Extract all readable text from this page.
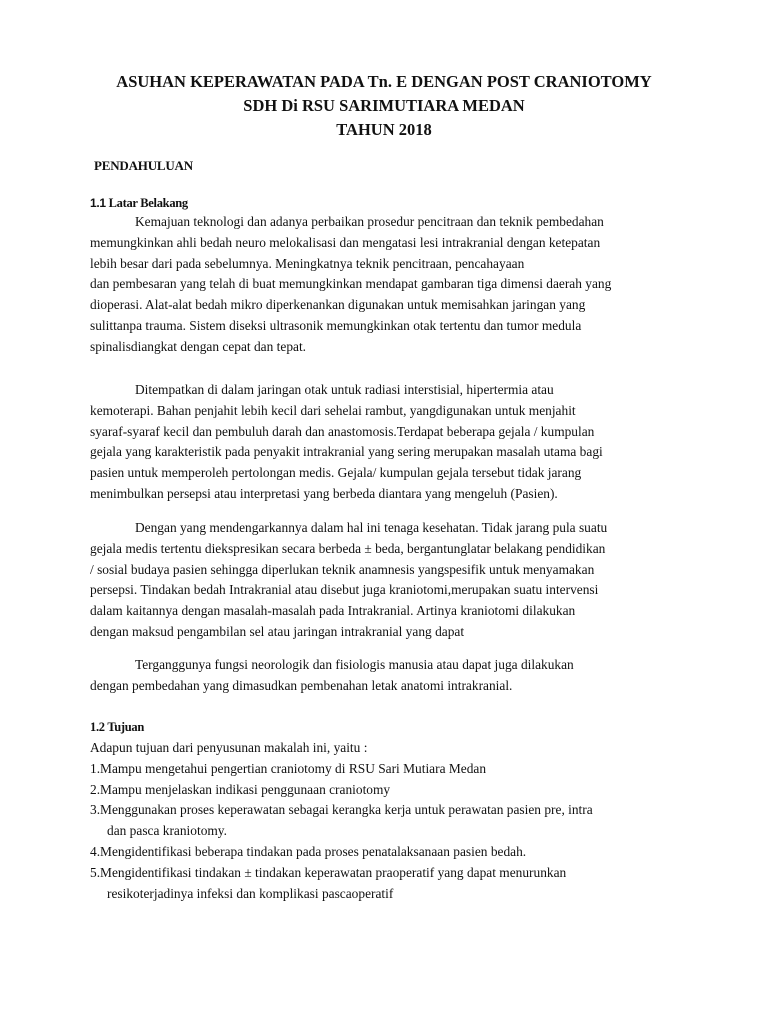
ASUHAN KEPERAWATAN PADA Tn. E DENGAN POST CRANIOTOMY
SDH Di RSU SARIMUTIARA MEDAN
TAHUN 2018
PENDAHULUAN
1.1 Latar Belakang
Kemajuan teknologi dan adanya perbaikan prosedur pencitraan dan teknik pembedahan
memungkinkan ahli bedah neuro melokalisasi dan mengatasi lesi intrakranial dengan ketepatan
lebih besar dari pada sebelumnya. Meningkatnya teknik pencitraan, pencahayaan
dan pembesaran yang telah di buat memungkinkan mendapat gambaran tiga dimensi daerah yang
dioperasi. Alat-alat bedah mikro diperkenankan digunakan untuk memisahkan jaringan yang
sulittanpa trauma. Sistem diseksi ultrasonik memungkinkan otak tertentu dan tumor medula
spinalisdiangkat dengan cepat dan tepat.
Ditempatkan di dalam jaringan otak untuk radiasi interstisial, hipertermia atau
kemoterapi. Bahan penjahit lebih kecil dari sehelai rambut, yangdigunakan untuk menjahit
syaraf-syaraf kecil dan pembuluh darah dan anastomosis.Terdapat beberapa gejala / kumpulan
gejala yang karakteristik pada penyakit intrakranial yang sering merupakan masalah utama bagi
pasien untuk memperoleh pertolongan medis. Gejala/ kumpulan gejala tersebut tidak jarang
menimbulkan persepsi atau interpretasi yang berbeda diantara yang mengeluh (Pasien).
Dengan yang mendengarkannya dalam hal ini tenaga kesehatan. Tidak jarang pula suatu
gejala medis tertentu diekspresikan secara berbeda ± beda, bergantunglatar belakang pendidikan
/ sosial budaya pasien sehingga diperlukan teknik anamnesis yangspesifik untuk menyamakan
persepsi. Tindakan bedah Intrakranial atau disebut juga kraniotomi,merupakan suatu intervensi
dalam kaitannya dengan masalah-masalah pada Intrakranial. Artinya kraniotomi dilakukan
dengan maksud pengambilan sel atau jaringan intrakranial yang dapat
Terganggunya fungsi neorologik dan fisiologis manusia atau dapat juga dilakukan
dengan pembedahan yang dimasudkan pembenahan letak anatomi intrakranial.
1.2 Tujuan
Adapun tujuan dari penyusunan makalah ini, yaitu :
1.Mampu mengetahui pengertian craniotomy di RSU Sari Mutiara Medan
2.Mampu menjelaskan indikasi penggunaan craniotomy
3.Menggunakan proses keperawatan sebagai kerangka kerja untuk perawatan pasien pre, intra
dan pasca kraniotomy.
4.Mengidentifikasi beberapa tindakan pada proses penatalaksanaan pasien bedah.
5.Mengidentifikasi tindakan ± tindakan keperawatan praoperatif yang dapat menurunkan
resikoterjadinya infeksi dan komplikasi pascaoperatif
